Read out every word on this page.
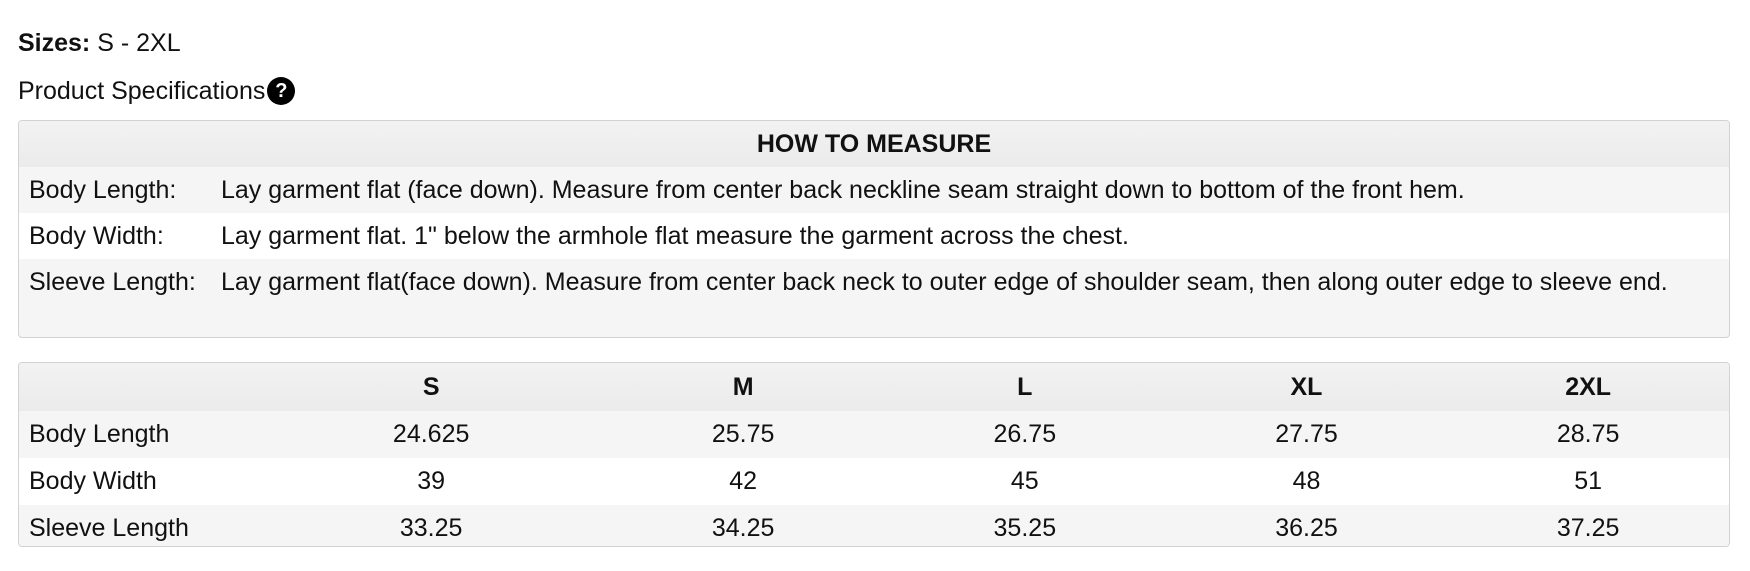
Sizes: S - 2XL
Product Specifications ?
HOW TO MEASURE
Body Length:	Lay garment flat (face down). Measure from center back neckline seam straight down to bottom of the front hem.
Body Width:	Lay garment flat. 1" below the armhole flat measure the garment across the chest.
Sleeve Length:	Lay garment flat(face down). Measure from center back neck to outer edge of shoulder seam, then along outer edge to sleeve end.
	S	M	L	XL	2XL
Body Length	24.625	25.75	26.75	27.75	28.75
Body Width	39	42	45	48	51
Sleeve Length	33.25	34.25	35.25	36.25	37.25
